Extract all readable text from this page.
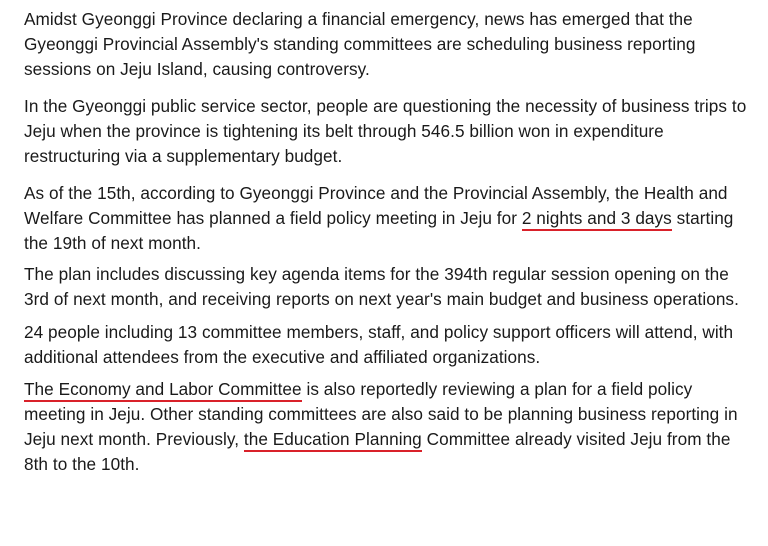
Amidst Gyeonggi Province declaring a financial emergency, news has emerged that the Gyeonggi Provincial Assembly's standing committees are scheduling business reporting sessions on Jeju Island, causing controversy.

In the Gyeonggi public service sector, people are questioning the necessity of business trips to Jeju when the province is tightening its belt through 546.5 billion won in expenditure restructuring via a supplementary budget.

As of the 15th, according to Gyeonggi Province and the Provincial Assembly, the Health and Welfare Committee has planned a field policy meeting in Jeju for 2 nights and 3 days starting the 19th of next month.

The plan includes discussing key agenda items for the 394th regular session opening on the 3rd of next month, and receiving reports on next year's main budget and business operations.

24 people including 13 committee members, staff, and policy support officers will attend, with additional attendees from the executive and affiliated organizations.

The Economy and Labor Committee is also reportedly reviewing a plan for a field policy meeting in Jeju. Other standing committees are also said to be planning business reporting in Jeju next month. Previously, the Education Planning Committee already visited Jeju from the 8th to the 10th.
